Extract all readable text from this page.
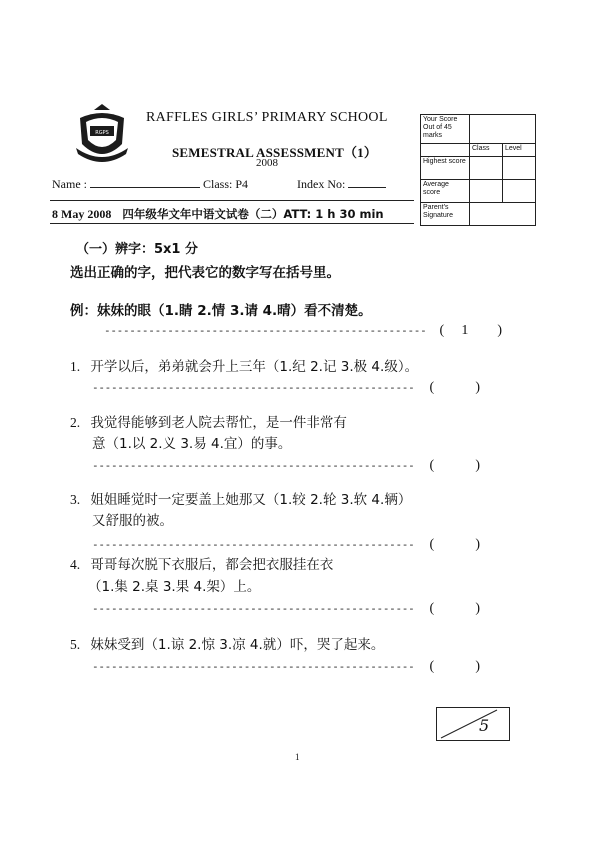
RGPS
RAFFLES GIRLS’ PRIMARY SCHOOL
SEMESTRAL ASSESSMENT（1）
2008
Name :	Class: P4	Index No:
8 May 2008 四年级华文年中语文试卷（二）ATT: 1 h 30 min
Your Score Out of 45 marks		
	Class	Level
Highest score		
Average score		
Parent's Signature		
（一）辨字：5x1 分
选出正确的字，把代表它的数字写在括号里。
例：妹妹的眼（1.睛 2.情 3.请 4.晴）看不清楚。
--------------------------------------------------- ( 1 )
1. 开学以后，弟弟就会升上三年（1.纪 2.记 3.极 4.级）。
--------------------------------------------------- (	)
2. 我觉得能够到老人院去帮忙，是一件非常有
意（1.以 2.义 3.易 4.宜）的事。
--------------------------------------------------- (	)
3. 姐姐睡觉时一定要盖上她那又（1.较 2.轮 3.软 4.辆）
又舒服的被。
--------------------------------------------------- (	)
4. 哥哥每次脱下衣服后，都会把衣服挂在衣
（1.集 2.桌 3.果 4.架）上。
--------------------------------------------------- (	)
5. 妹妹受到（1.谅 2.惊 3.凉 4.就）吓，哭了起来。
--------------------------------------------------- (	)
5
1
